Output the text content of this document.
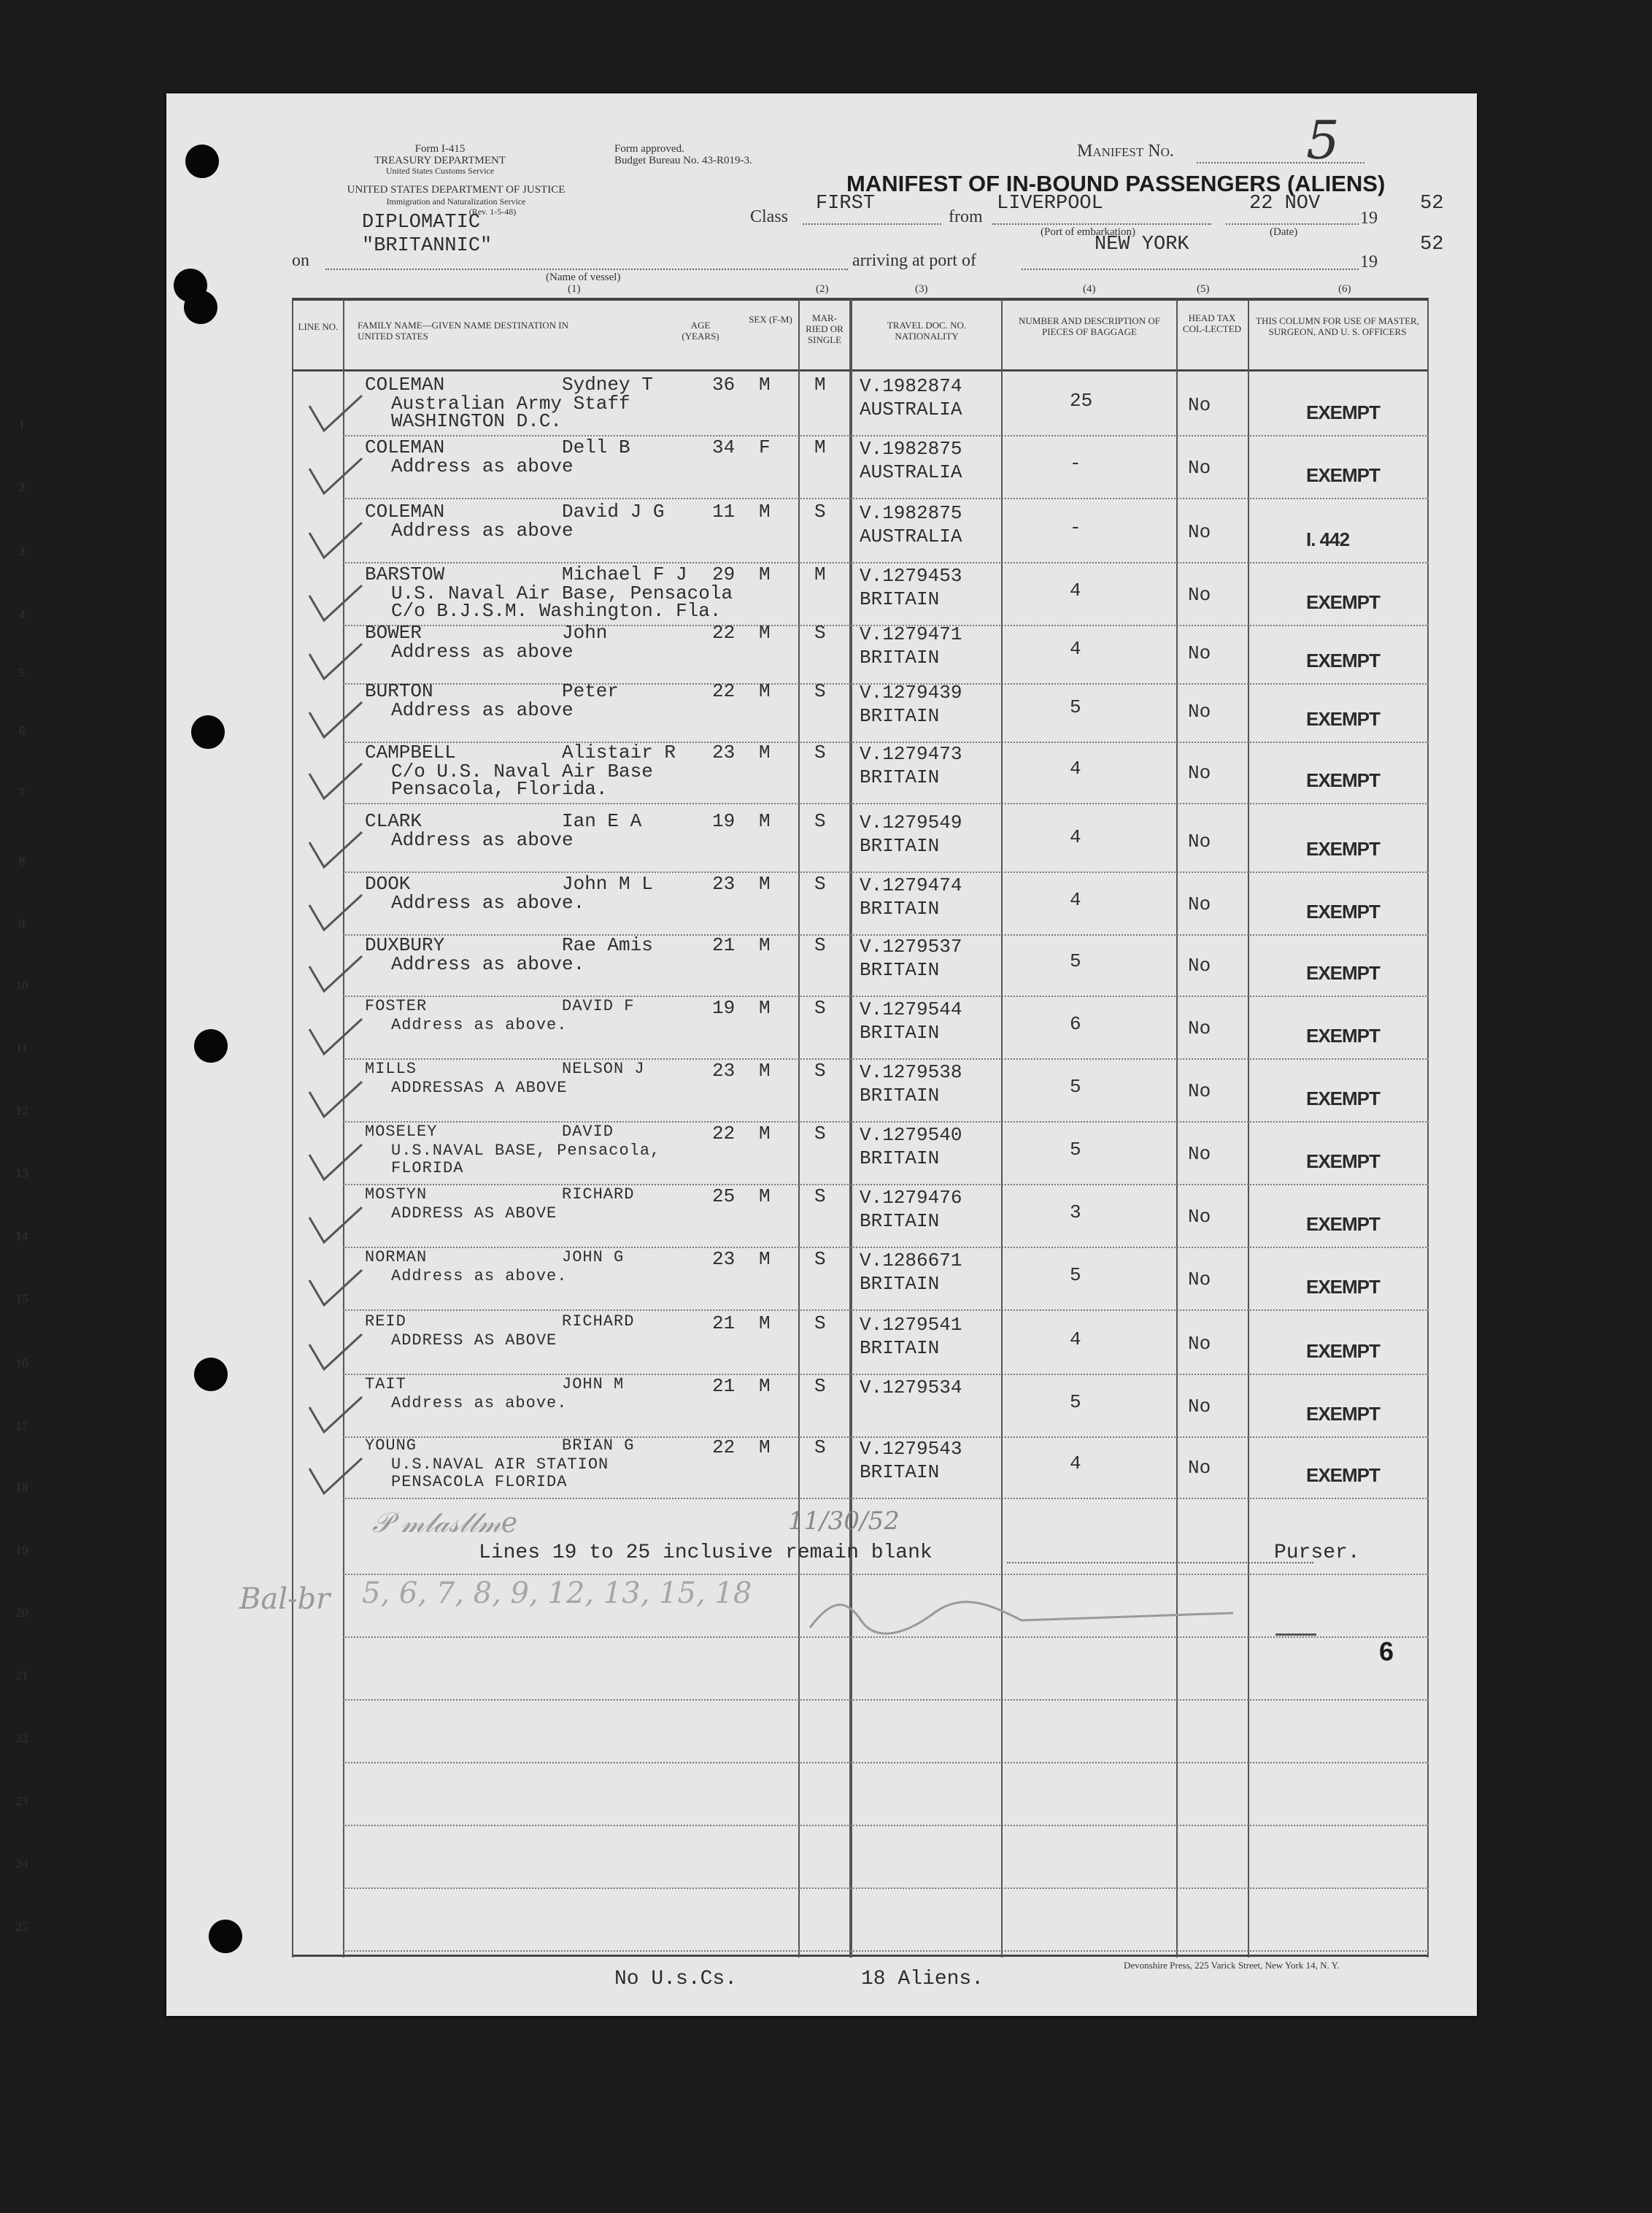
Form I-415
TREASURY DEPARTMENT
United States Customs Service
UNITED STATES DEPARTMENT OF JUSTICE
Immigration and Naturalization Service
(Rev. 1-5-48)
Form approved.
Budget Bureau No. 43-R019-3.	Manifest No.	5
MANIFEST OF IN-BOUND PASSENGERS (ALIENS)
DIPLOMATIC	Class
FIRST
from
LIVERPOOL	22 NOV
19
52
(Port of embarkation)	(Date)
on
"BRITANNIC"
arriving at port of
NEW YORK
19
52
(Name of vessel)
(1)	(2)	(3)	(4)	(5)	(6)
LINE NO.	FAMILY NAME—GIVEN NAME DESTINATION IN UNITED STATES
AGE (YEARS)
SEX (F-M)	MAR-RIED OR SINGLE
TRAVEL DOC. NO. NATIONALITY
NUMBER AND DESCRIPTION OF PIECES OF BAGGAGE
HEAD TAX COL-LECTED
THIS COLUMN FOR USE OF MASTER, SURGEON, AND U. S. OFFICERS
1
COLEMAN	Sydney T	36 M M
Australian Army Staff
WASHINGTON D.C.
V.1982874
AUSTRALIA	25	No	EXEMPT
2
COLEMAN	Dell B	34 F M
Address as above
V.1982875
AUSTRALIA	-	No	EXEMPT
3
COLEMAN	David J G	11 M S
Address as above
V.1982875
AUSTRALIA	-	No	I. 442
4
BARSTOW	Michael F J 29 M M
U.S. Naval Air Base, Pensacola
C/o B.J.S.M. Washington. Fla.
V.1279453
BRITAIN	4	No	EXEMPT
5
BOWER	John	22 M S
Address as above
V.1279471
BRITAIN	4	No	EXEMPT
6
BURTON	Peter	22 M S
Address as above
V.1279439
BRITAIN	5	No	EXEMPT
7
CAMPBELL	Alistair R 23 M S
C/o U.S. Naval Air Base
Pensacola, Florida.
V.1279473
BRITAIN	4	No	EXEMPT
8
CLARK	Ian E A	19 M S
Address as above
V.1279549
BRITAIN	4	No	EXEMPT
9
DOOK	John M L	23 M S
Address as above.
V.1279474
BRITAIN	4	No	EXEMPT
10
DUXBURY	Rae Amis	21 M S
Address as above.
V.1279537
BRITAIN	5	No	EXEMPT
11
FOSTER	DAVID F	19 M S
Address as above.
V.1279544
BRITAIN	6	No	EXEMPT
12
MILLS	NELSON J	23 M S
ADDRESSAS A ABOVE
V.1279538
BRITAIN	5	No	EXEMPT
13
MOSELEY	DAVID	22 M S
U.S.NAVAL BASE, Pensacola,
FLORIDA
V.1279540
BRITAIN	5	No	EXEMPT
14
MOSTYN	RICHARD	25 M S
ADDRESS AS ABOVE
V.1279476
BRITAIN	3	No	EXEMPT
15
NORMAN	JOHN G	23 M S
Address as above.
V.1286671
BRITAIN	5	No	EXEMPT
16
REID	RICHARD	21 M S
ADDRESS AS ABOVE
V.1279541
BRITAIN	4	No	EXEMPT
17
TAIT	JOHN M	21 M S
Address as above.
V.1279534
5	No	EXEMPT
18
YOUNG	BRIAN G	22 M S
U.S.NAVAL AIR STATION
PENSACOLA FLORIDA
V.1279543
BRITAIN	4	No	EXEMPT
19
20
21
22
23
24
25
𝒫 𝓂𝓁𝒶𝓈𝓁𝓁𝓂𝑒	11/30/52
Lines 19 to 25 inclusive remain blank	Purser.
Bal-br 5, 6, 7, 8, 9, 12, 13, 15, 18
6
No U.s.Cs.	18 Aliens.
Devonshire Press, 225 Varick Street, New York 14, N. Y.
